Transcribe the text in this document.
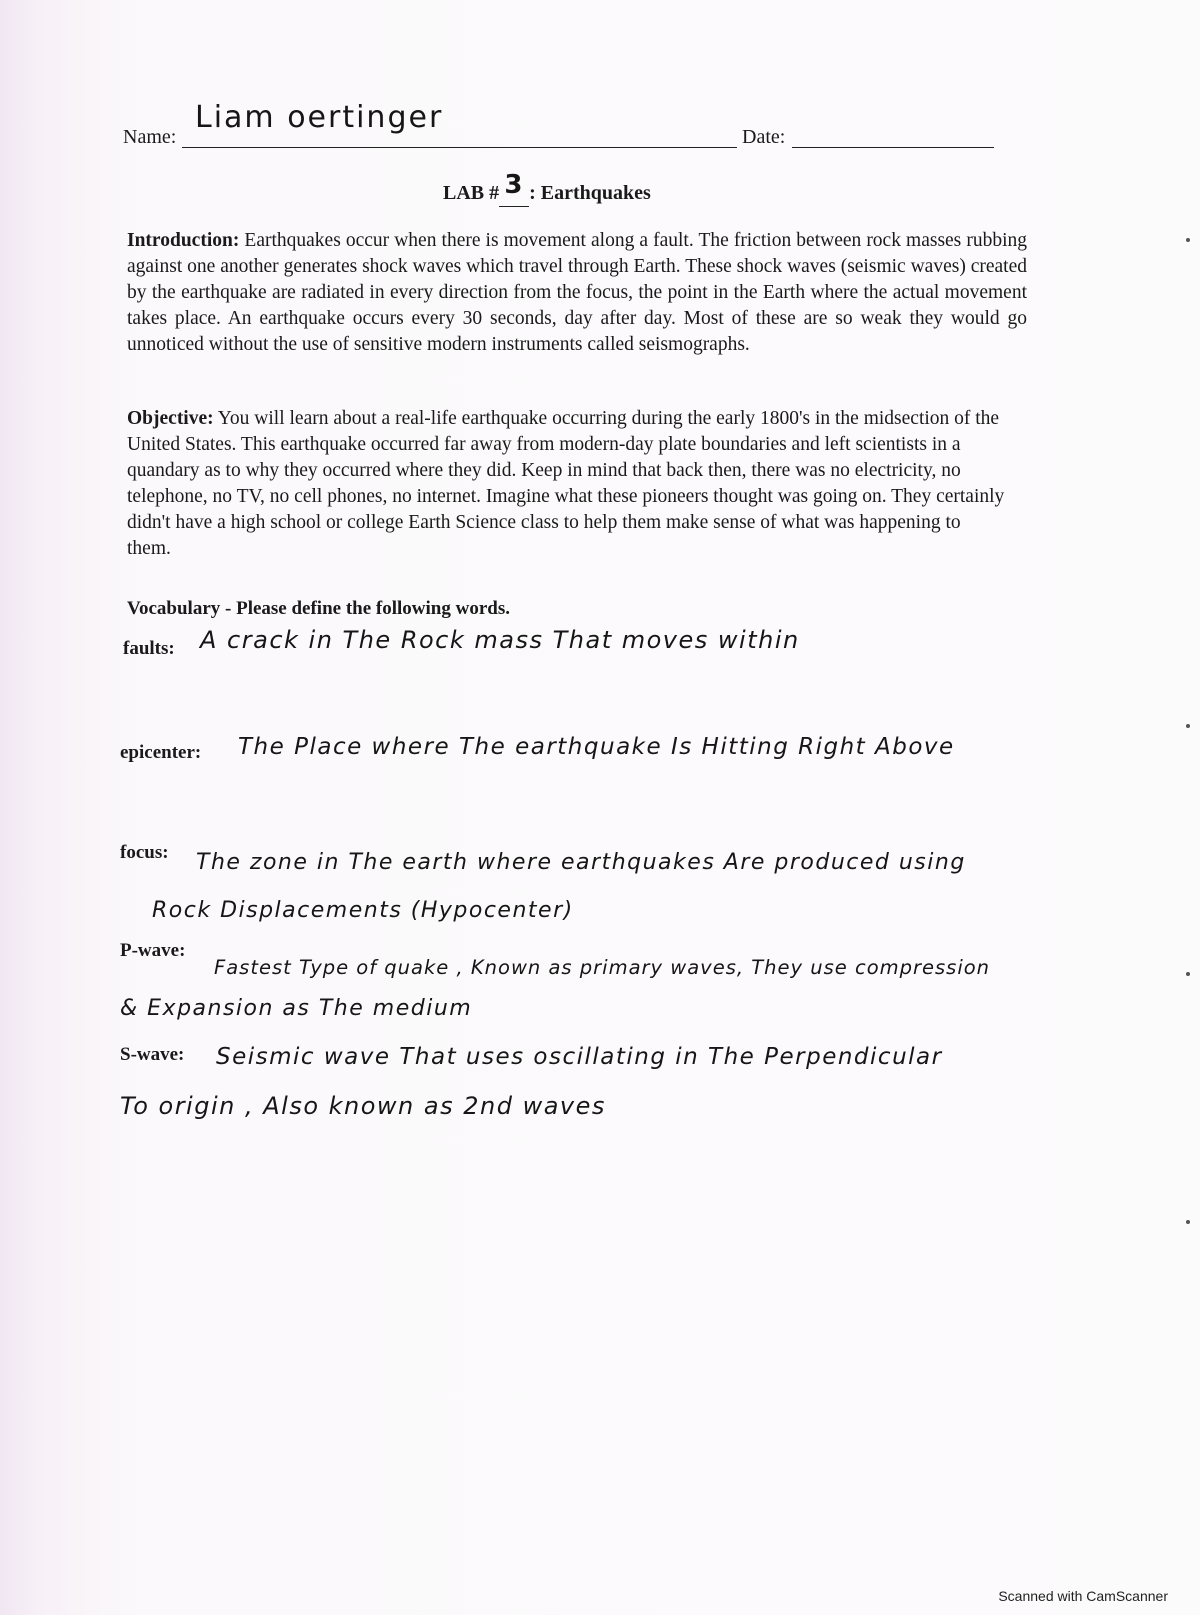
Name:
Liam oertinger
Date:
LAB # 3 : Earthquakes
Introduction: Earthquakes occur when there is movement along a fault. The friction between rock masses rubbing against one another generates shock waves which travel through Earth. These shock waves (seismic waves) created by the earthquake are radiated in every direction from the focus, the point in the Earth where the actual movement takes place. An earthquake occurs every 30 seconds, day after day. Most of these are so weak they would go unnoticed without the use of sensitive modern instruments called seismographs.
Objective: You will learn about a real-life earthquake occurring during the early 1800's in the midsection of the United States. This earthquake occurred far away from modern-day plate boundaries and left scientists in a quandary as to why they occurred where they did. Keep in mind that back then, there was no electricity, no telephone, no TV, no cell phones, no internet. Imagine what these pioneers thought was going on. They certainly didn't have a high school or college Earth Science class to help them make sense of what was happening to them.
Vocabulary - Please define the following words.
faults: A crack in The Rock mass That moves within
epicenter: The Place where The earthquake Is Hitting Right Above
focus: The zone in The earth where earthquakes Are produced using
Rock Displacements (Hypocenter)
P-wave:
Fastest Type of quake , Known as primary waves, They use compression
& Expansion as The medium
S-wave: Seismic wave That uses oscillating in The Perpendicular
To origin , Also known as 2nd waves
Scanned with CamScanner
